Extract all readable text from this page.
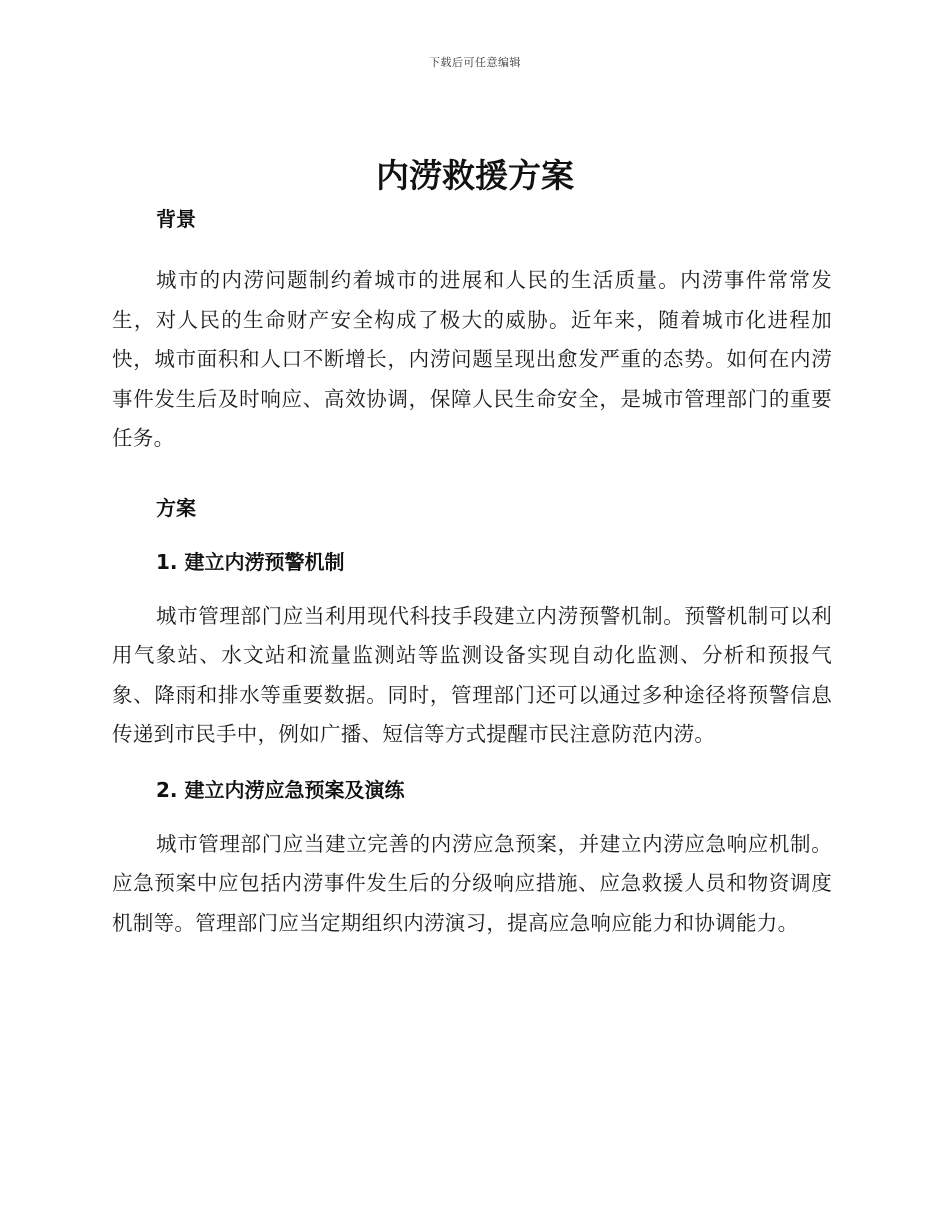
下载后可任意编辑
内涝救援方案
背景

城市的内涝问题制约着城市的进展和人民的生活质量。内涝事件常常发生，对人民的生命财产安全构成了极大的威胁。近年来，随着城市化进程加快，城市面积和人口不断增长，内涝问题呈现出愈发严重的态势。如何在内涝事件发生后及时响应、高效协调，保障人民生命安全，是城市管理部门的重要任务。

方案
1. 建立内涝预警机制

城市管理部门应当利用现代科技手段建立内涝预警机制。预警机制可以利用气象站、水文站和流量监测站等监测设备实现自动化监测、分析和预报气象、降雨和排水等重要数据。同时，管理部门还可以通过多种途径将预警信息传递到市民手中，例如广播、短信等方式提醒市民注意防范内涝。

2. 建立内涝应急预案及演练

城市管理部门应当建立完善的内涝应急预案，并建立内涝应急响应机制。应急预案中应包括内涝事件发生后的分级响应措施、应急救援人员和物资调度机制等。管理部门应当定期组织内涝演习，提高应急响应能力和协调能力。
